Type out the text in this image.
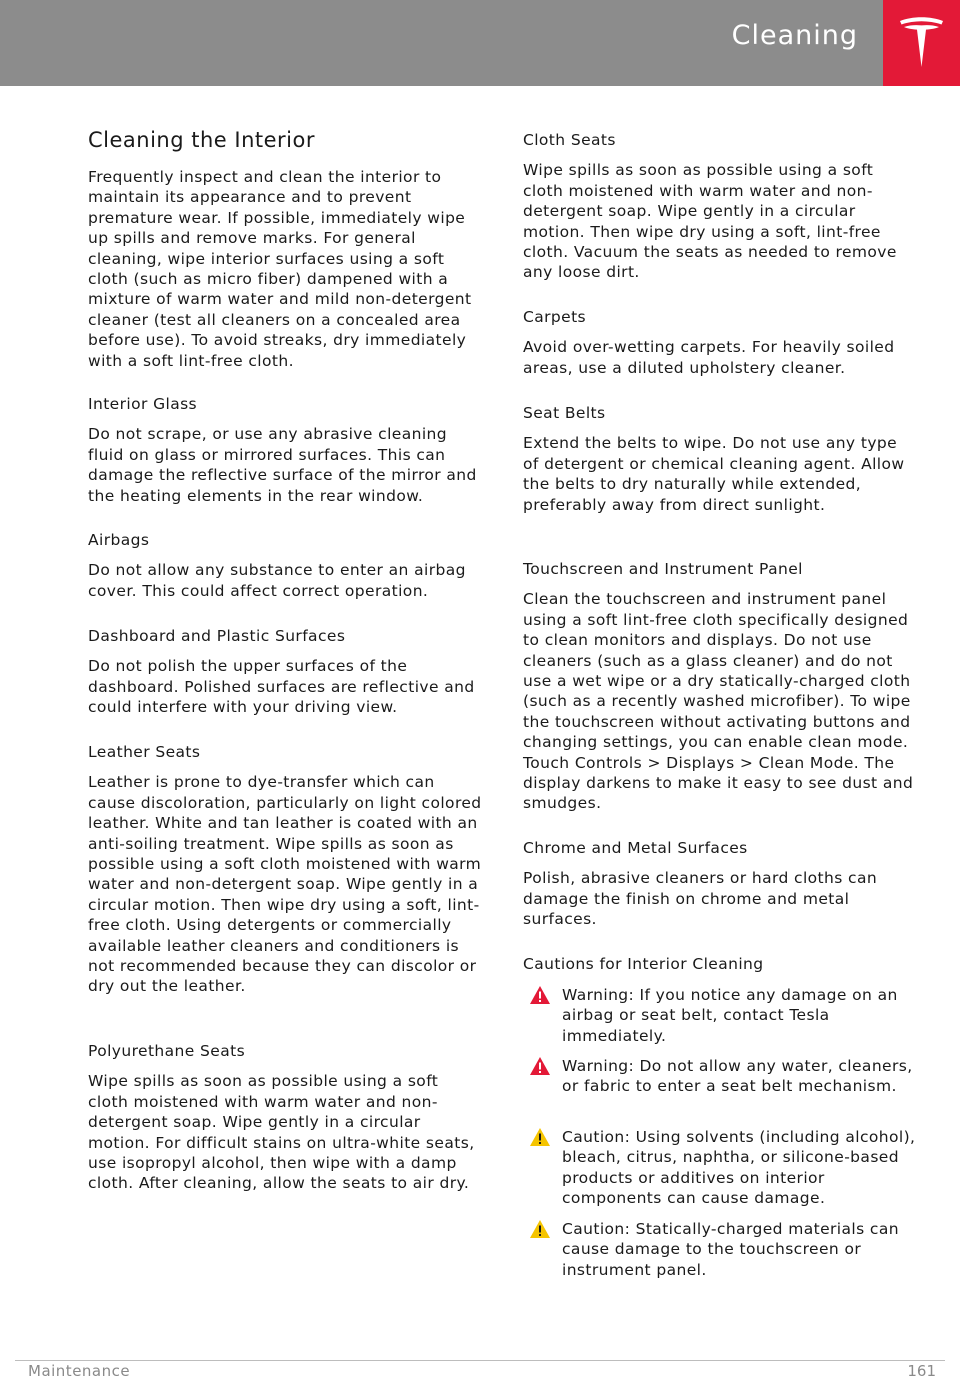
Cleaning
Cleaning the Interior

Frequently inspect and clean the interior to maintain its appearance and to prevent premature wear. If possible, immediately wipe up spills and remove marks. For general cleaning, wipe interior surfaces using a soft cloth (such as micro fiber) dampened with a mixture of warm water and mild non-detergent cleaner (test all cleaners on a concealed area before use). To avoid streaks, dry immediately with a soft lint-free cloth.

Interior Glass

Do not scrape, or use any abrasive cleaning fluid on glass or mirrored surfaces. This can damage the reflective surface of the mirror and the heating elements in the rear window.

Airbags

Do not allow any substance to enter an airbag cover. This could affect correct operation.

Dashboard and Plastic Surfaces

Do not polish the upper surfaces of the dashboard. Polished surfaces are reflective and could interfere with your driving view.

Leather Seats

Leather is prone to dye-transfer which can cause discoloration, particularly on light colored leather. White and tan leather is coated with an anti-soiling treatment. Wipe spills as soon as possible using a soft cloth moistened with warm water and non-detergent soap. Wipe gently in a circular motion. Then wipe dry using a soft, lint-free cloth. Using detergents or commercially available leather cleaners and conditioners is not recommended because they can discolor or dry out the leather.

Polyurethane Seats

Wipe spills as soon as possible using a soft cloth moistened with warm water and non-detergent soap. Wipe gently in a circular motion. For difficult stains on ultra-white seats, use isopropyl alcohol, then wipe with a damp cloth. After cleaning, allow the seats to air dry.

Cloth Seats

Wipe spills as soon as possible using a soft cloth moistened with warm water and non-detergent soap. Wipe gently in a circular motion. Then wipe dry using a soft, lint-free cloth. Vacuum the seats as needed to remove any loose dirt.

Carpets

Avoid over-wetting carpets. For heavily soiled areas, use a diluted upholstery cleaner.

Seat Belts

Extend the belts to wipe. Do not use any type of detergent or chemical cleaning agent. Allow the belts to dry naturally while extended, preferably away from direct sunlight.

Touchscreen and Instrument Panel

Clean the touchscreen and instrument panel using a soft lint-free cloth specifically designed to clean monitors and displays. Do not use cleaners (such as a glass cleaner) and do not use a wet wipe or a dry statically-charged cloth (such as a recently washed microfiber). To wipe the touchscreen without activating buttons and changing settings, you can enable clean mode. Touch Controls > Displays > Clean Mode. The display darkens to make it easy to see dust and smudges.

Chrome and Metal Surfaces

Polish, abrasive cleaners or hard cloths can damage the finish on chrome and metal surfaces.

Cautions for Interior Cleaning

Warning: If you notice any damage on an airbag or seat belt, contact Tesla immediately.

Warning: Do not allow any water, cleaners, or fabric to enter a seat belt mechanism.

Caution: Using solvents (including alcohol), bleach, citrus, naphtha, or silicone-based products or additives on interior components can cause damage.

Caution: Statically-charged materials can cause damage to the touchscreen or instrument panel.

Maintenance	161
